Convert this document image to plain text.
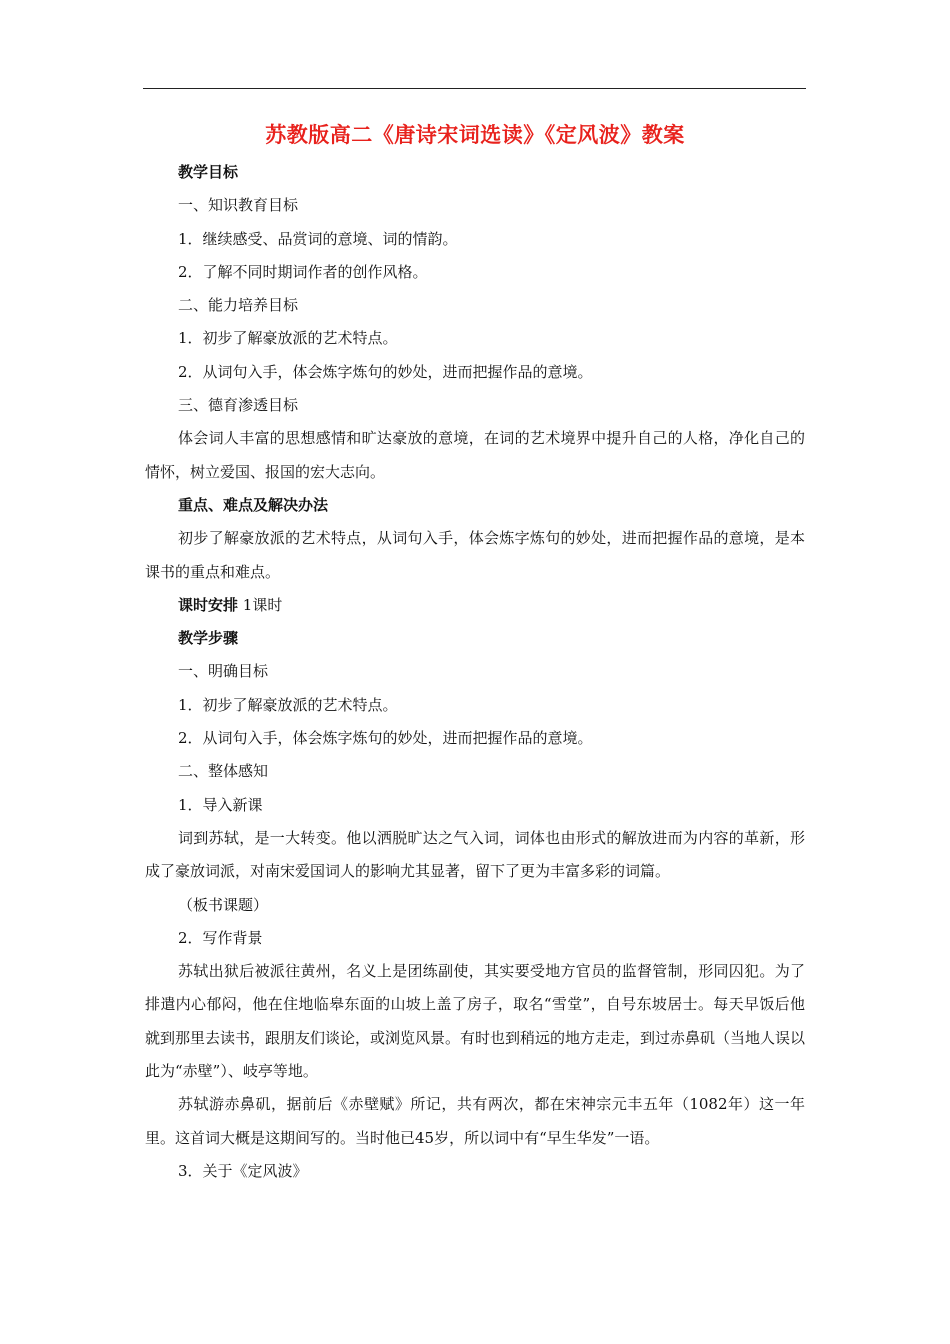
苏教版高二《唐诗宋词选读》《定风波》教案

教学目标

一、知识教育目标

1．继续感受、品赏词的意境、词的情韵。

2．了解不同时期词作者的创作风格。

二、能力培养目标

1．初步了解豪放派的艺术特点。

2．从词句入手，体会炼字炼句的妙处，进而把握作品的意境。

三、德育渗透目标

体会词人丰富的思想感情和旷达豪放的意境，在词的艺术境界中提升自己的人格，净化自己的情怀，树立爱国、报国的宏大志向。

重点、难点及解决办法

初步了解豪放派的艺术特点，从词句入手，体会炼字炼句的妙处，进而把握作品的意境，是本课书的重点和难点。

课时安排 1课时

教学步骤

一、明确目标

1．初步了解豪放派的艺术特点。

2．从词句入手，体会炼字炼句的妙处，进而把握作品的意境。

二、整体感知

1．导入新课

词到苏轼，是一大转变。他以洒脱旷达之气入词，词体也由形式的解放进而为内容的革新，形成了豪放词派，对南宋爱国词人的影响尤其显著，留下了更为丰富多彩的词篇。

（板书课题）

2．写作背景

苏轼出狱后被派往黄州，名义上是团练副使，其实要受地方官员的监督管制，形同囚犯。为了排遣内心郁闷，他在住地临皋东面的山坡上盖了房子，取名“雪堂”，自号东坡居士。每天早饭后他就到那里去读书，跟朋友们谈论，或浏览风景。有时也到稍远的地方走走，到过赤鼻矶（当地人误以此为“赤壁”）、岐亭等地。

苏轼游赤鼻矶，据前后《赤壁赋》所记，共有两次，都在宋神宗元丰五年（1082年）这一年里。这首词大概是这期间写的。当时他已45岁，所以词中有“早生华发”一语。

3．关于《定风波》
